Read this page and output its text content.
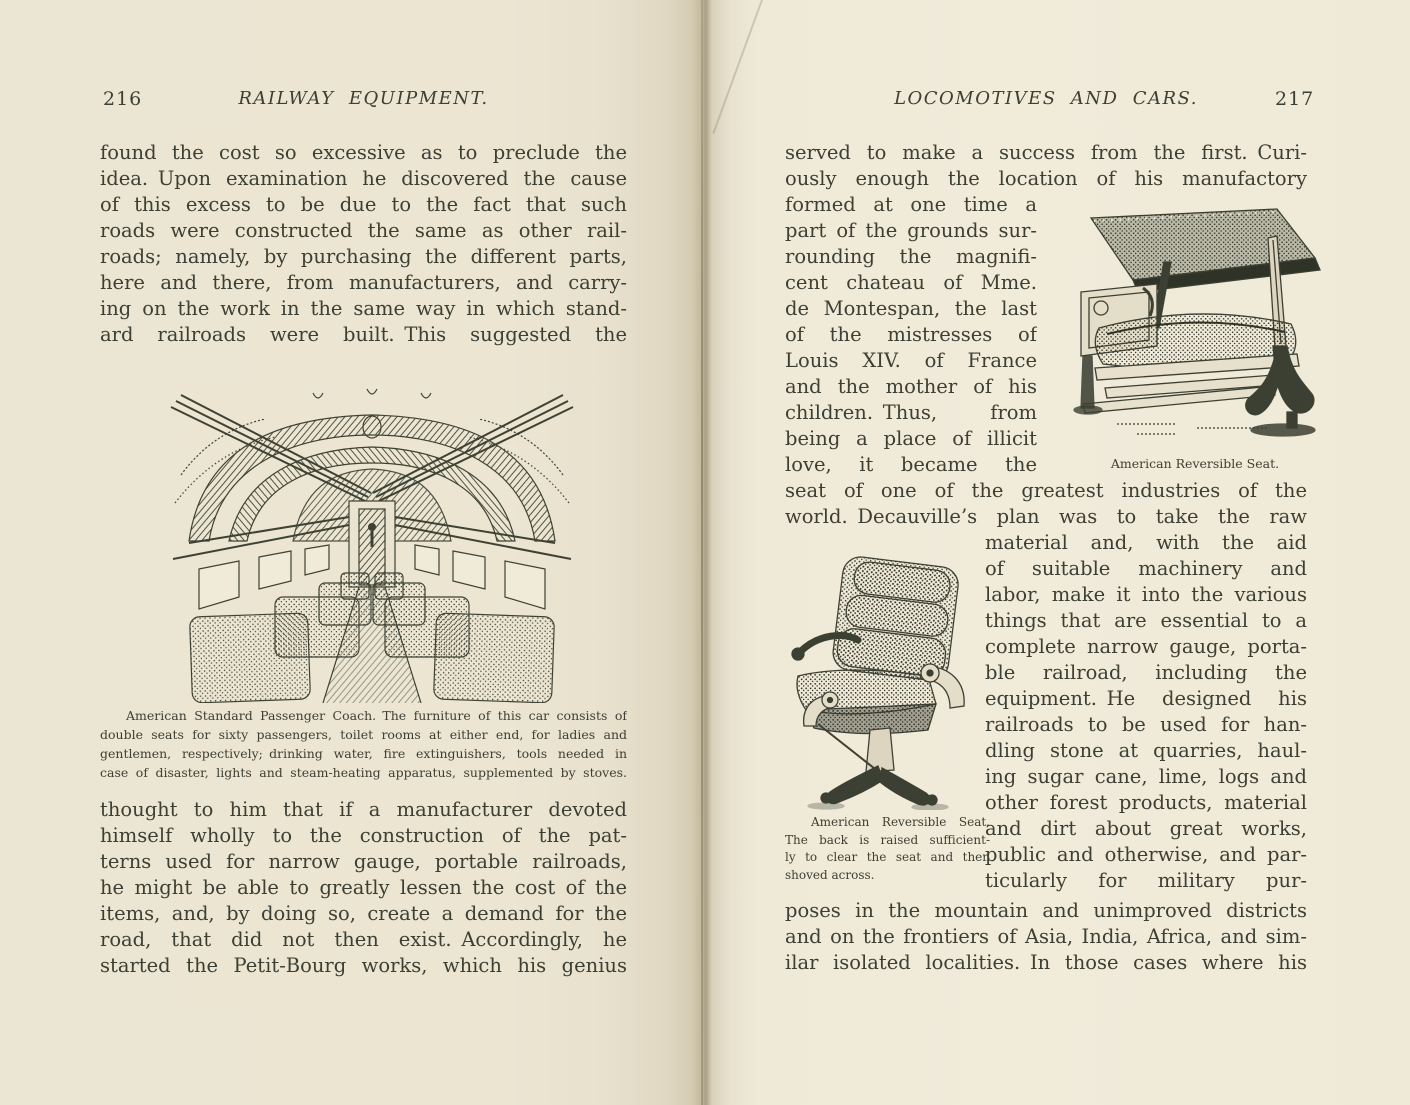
216	RAILWAY EQUIPMENT.
found the cost so excessive as to preclude the
idea. Upon examination he discovered the cause
of this excess to be due to the fact that such
roads were constructed the same as other rail-
roads; namely, by purchasing the different parts,
here and there, from manufacturers, and carry-
ing on the work in the same way in which stand-
ard railroads were built. This suggested the
American Standard Passenger Coach. The furniture of this car consists of
double seats for sixty passengers, toilet rooms at either end, for ladies and
gentlemen, respectively; drinking water, fire extinguishers, tools needed in
case of disaster, lights and steam-heating apparatus, supplemented by stoves.
thought to him that if a manufacturer devoted
himself wholly to the construction of the pat-
terns used for narrow gauge, portable railroads,
he might be able to greatly lessen the cost of the
items, and, by doing so, create a demand for the
road, that did not then exist. Accordingly, he
started the Petit-Bourg works, which his genius
LOCOMOTIVES AND CARS.	217
served to make a success from the first. Curi-
ously enough the location of his manufactory
formed at one time a
part of the grounds sur-
rounding the magnifi-
cent chateau of Mme.
de Montespan, the last
of the mistresses of
Louis XIV. of France
and the mother of his
children. Thus, from
being a place of illicit
love, it became the	American Reversible Seat.
seat of one of the greatest industries of the
world. Decauville’s plan was to take the raw
American Reversible Seat.
The back is raised sufficient-
ly to clear the seat and then
shoved across.
material and, with the aid
of suitable machinery and
labor, make it into the various
things that are essential to a
complete narrow gauge, porta-
ble railroad, including the
equipment. He designed his
railroads to be used for han-
dling stone at quarries, haul-
ing sugar cane, lime, logs and
other forest products, material
and dirt about great works,
public and otherwise, and par-
ticularly for military pur-
poses in the mountain and unimproved districts
and on the frontiers of Asia, India, Africa, and sim-
ilar isolated localities. In those cases where his
